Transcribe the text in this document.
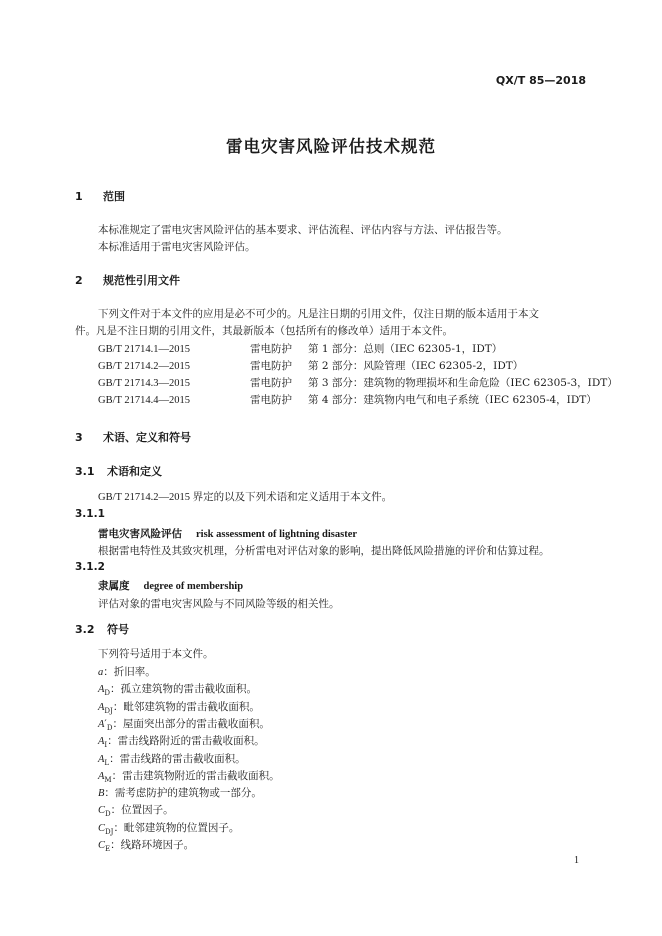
QX/T 85—2018
雷电灾害风险评估技术规范
1 范围
本标准规定了雷电灾害风险评估的基本要求、评估流程、评估内容与方法、评估报告等。
本标准适用于雷电灾害风险评估。
2 规范性引用文件
下列文件对于本文件的应用是必不可少的。凡是注日期的引用文件，仅注日期的版本适用于本文
件。凡是不注日期的引用文件，其最新版本（包括所有的修改单）适用于本文件。
GB/T 21714.1—2015	雷电防护 第 1 部分：总则（IEC 62305-1，IDT）
GB/T 21714.2—2015	雷电防护 第 2 部分：风险管理（IEC 62305-2，IDT）
GB/T 21714.3—2015	雷电防护 第 3 部分：建筑物的物理损坏和生命危险（IEC 62305-3，IDT）
GB/T 21714.4—2015	雷电防护 第 4 部分：建筑物内电气和电子系统（IEC 62305-4，IDT）
3 术语、定义和符号
3.1 术语和定义
GB/T 21714.2—2015 界定的以及下列术语和定义适用于本文件。
3.1.1
雷电灾害风险评估 risk assessment of lightning disaster
根据雷电特性及其致灾机理，分析雷电对评估对象的影响，提出降低风险措施的评价和估算过程。
3.1.2
隶属度 degree of membership
评估对象的雷电灾害风险与不同风险等级的相关性。
3.2 符号
下列符号适用于本文件。
a：折旧率。
$A_D$：孤立建筑物的雷击截收面积。
$A_{DJ}$：毗邻建筑物的雷击截收面积。
$A'_D$：屋面突出部分的雷击截收面积。
$A_I$：雷击线路附近的雷击截收面积。
$A_L$：雷击线路的雷击截收面积。
$A_M$：雷击建筑物附近的雷击截收面积。
B：需考虑防护的建筑物或一部分。
$C_D$：位置因子。
$C_{DJ}$：毗邻建筑物的位置因子。
$C_E$：线路环境因子。
1
